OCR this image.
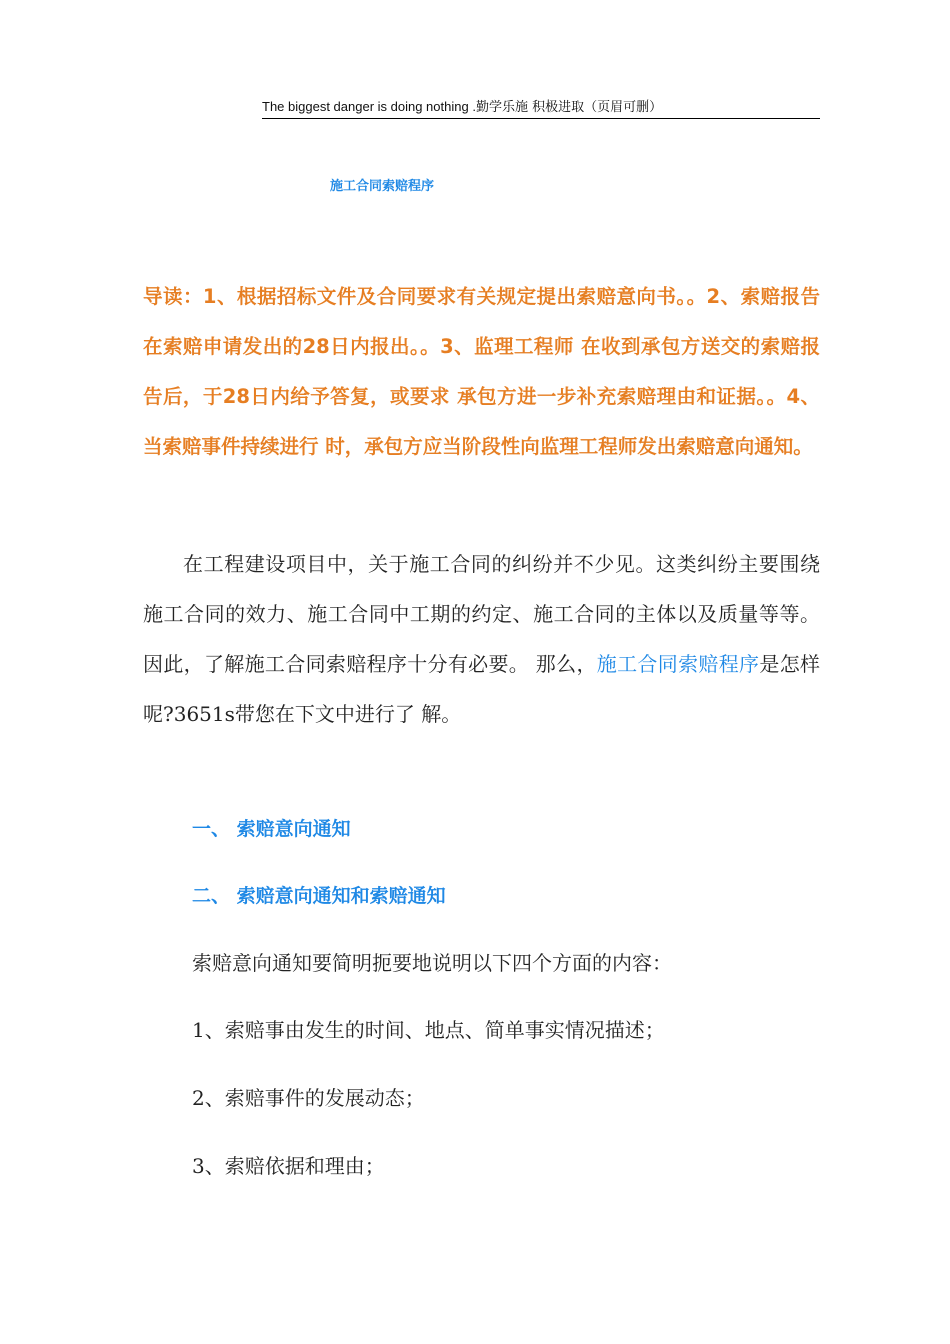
The biggest danger is doing nothing .勤学乐施 积极进取（页眉可删）
施工合同索赔程序
导读：1、根据招标文件及合同要求有关规定提出索赔意向书。。2、索赔报告在索赔申请发出的28日内报出。。3、监理工程师 在收到承包方送交的索赔报告后，于28日内给予答复，或要求 承包方进一步补充索赔理由和证据。。4、当索赔事件持续进行 时，承包方应当阶段性向监理工程师发出索赔意向通知。
在工程建设项目中，关于施工合同的纠纷并不少见。这类纠纷主要围绕施工合同的效力、施工合同中工期的约定、施工合同的主体以及质量等等。因此，了解施工合同索赔程序十分有必要。 那么，施工合同索赔程序是怎样呢?3651s带您在下文中进行了 解。
一、 索赔意向通知
二、 索赔意向通知和索赔通知
索赔意向通知要简明扼要地说明以下四个方面的内容：
1、索赔事由发生的时间、地点、简单事实情况描述；
2、索赔事件的发展动态；
3、索赔依据和理由；
